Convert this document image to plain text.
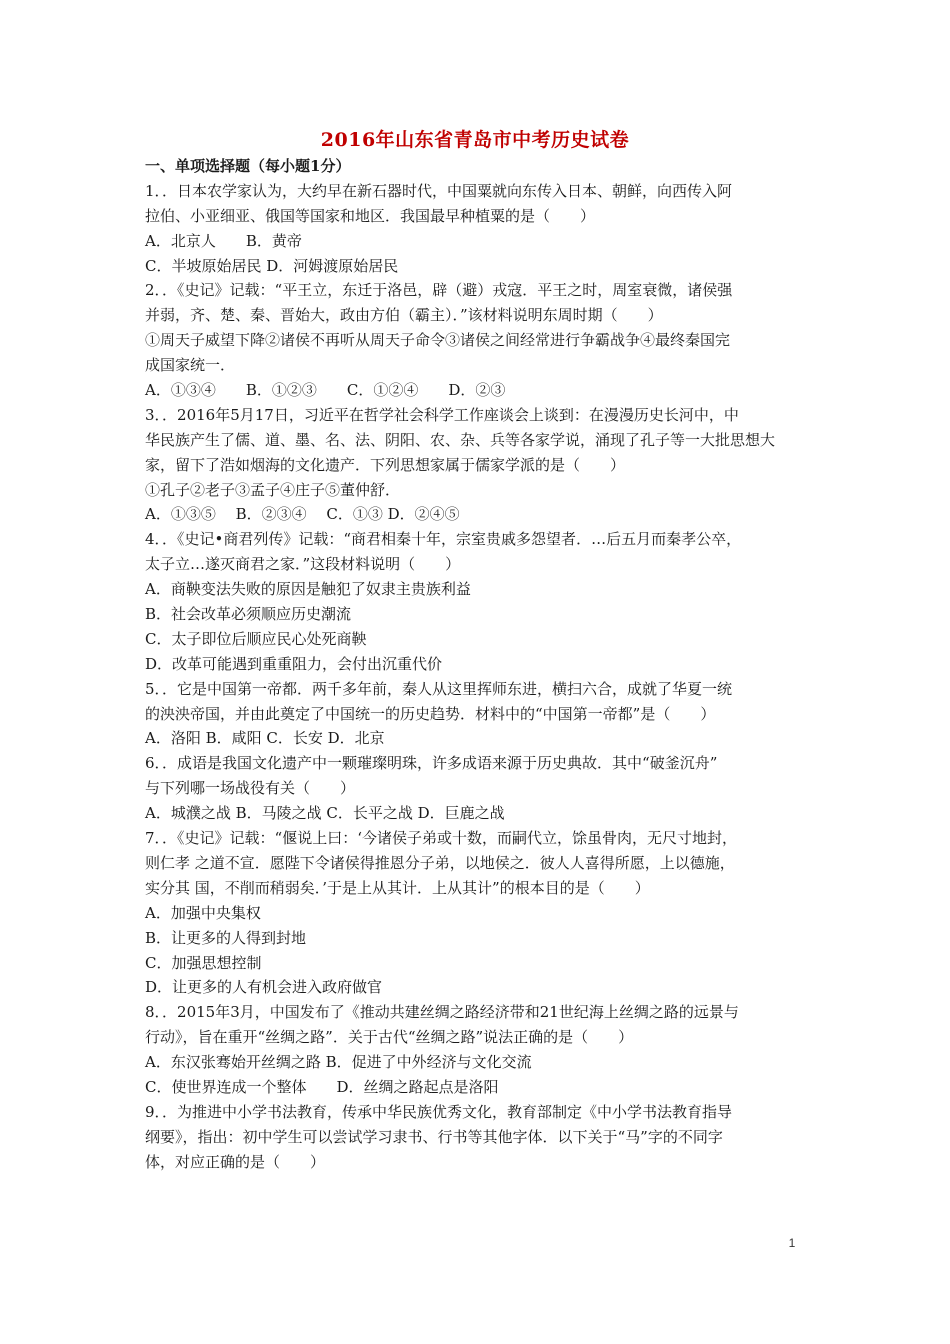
2016年山东省青岛市中考历史试卷
一、单项选择题（每小题1分）
1．．日本农学家认为，大约早在新石器时代，中国粟就向东传入日本、朝鲜，向西传入阿
拉伯、小亚细亚、俄国等国家和地区．我国最早种植粟的是（　　）
A．北京人　　B．黄帝
C．半坡原始居民 D．河姆渡原始居民
2．．《史记》记载：“平王立，东迁于洛邑，辟（避）戎寇．平王之时，周室衰微，诸侯强
并弱，齐、楚、秦、晋始大，政由方伯（霸主）．”该材料说明东周时期（　　）
①周天子威望下降②诸侯不再听从周天子命令③诸侯之间经常进行争霸战争④最终秦国完
成国家统一．
A．①③④　　B．①②③　　C．①②④　　D．②③
3．．2016年5月17日，习近平在哲学社会科学工作座谈会上谈到：在漫漫历史长河中，中
华民族产生了儒、道、墨、名、法、阴阳、农、杂、兵等各家学说，涌现了孔子等一大批思想大
家，留下了浩如烟海的文化遗产．下列思想家属于儒家学派的是（　　）
①孔子②老子③孟子④庄子⑤董仲舒．
A．①③⑤　 B．②③④　 C．①③ D．②④⑤
4．．《史记•商君列传》记载：“商君相秦十年，宗室贵戚多怨望者．…后五月而秦孝公卒，
太子立…遂灭商君之家．”这段材料说明（　　）
A．商鞅变法失败的原因是触犯了奴隶主贵族利益
B．社会改革必须顺应历史潮流
C．太子即位后顺应民心处死商鞅
D．改革可能遇到重重阻力，会付出沉重代价
5．．它是中国第一帝都．两千多年前，秦人从这里挥师东进，横扫六合，成就了华夏一统
的泱泱帝国，并由此奠定了中国统一的历史趋势．材料中的“中国第一帝都”是（　　）
A．洛阳 B．咸阳 C．长安 D．北京
6．．成语是我国文化遗产中一颗璀璨明珠，许多成语来源于历史典故．其中“破釜沉舟”
与下列哪一场战役有关（　　）
A．城濮之战 B．马陵之战 C．长平之战 D．巨鹿之战
7．．《史记》记载：“偃说上曰：‘今诸侯子弟或十数，而嗣代立，馀虽骨肉，无尺寸地封，
则仁孝 之道不宣．愿陛下令诸侯得推恩分子弟，以地侯之．彼人人喜得所愿，上以德施，
实分其 国，不削而稍弱矣．’于是上从其计．上从其计”的根本目的是（　　）
A．加强中央集权
B．让更多的人得到封地
C．加强思想控制
D．让更多的人有机会进入政府做官
8．．2015年3月，中国发布了《推动共建丝绸之路经济带和21世纪海上丝绸之路的远景与
行动》，旨在重开“丝绸之路”．关于古代“丝绸之路”说法正确的是（　　）
A．东汉张骞始开丝绸之路 B．促进了中外经济与文化交流
C．使世界连成一个整体　　D．丝绸之路起点是洛阳
9．．为推进中小学书法教育，传承中华民族优秀文化，教育部制定《中小学书法教育指导
纲要》，指出：初中学生可以尝试学习隶书、行书等其他字体．以下关于“马”字的不同字
体，对应正确的是（　　）
1
